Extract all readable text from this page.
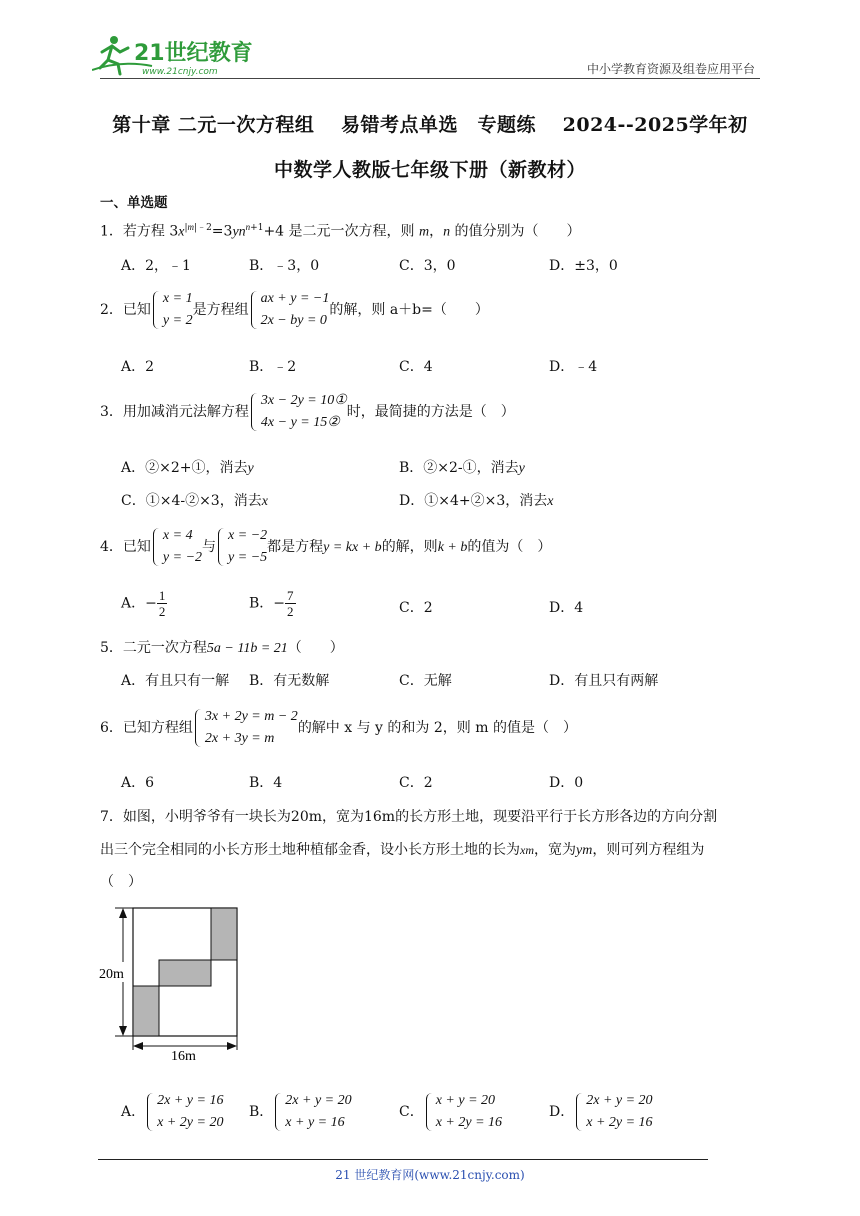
21世纪教育
www.21cnjy.com	中小学教育资源及组卷应用平台
第十章 二元一次方程组　 易错考点单选　专题练　 2024--2025学年初
中数学人教版七年级下册（新教材）
一、单选题
1．若方程 $3x^{|m|﹣2}=3yn^{n+1}+4$ 是二元一次方程，则 m，n 的值分别为（　　）
A．2，﹣1	B．﹣3，0	C．3，0	D．±3，0
2．已知
x = 1
y = 2
是方程组
ax + y = −1
2x − by = 0
的解，则 a＋b=（　　）
A．2	B．﹣2	C．4	D．﹣4
3．用加减消元法解方程
3x − 2y = 10①
4x − y = 15②
时，最简捷的方法是（　）
A．②×2+①，消去y	B．②×2-①，消去y
C．①×4-②×3，消去x	D．①×4+②×3，消去x
4．已知
x = 4
y = −2
与
x = −2
y = −5
都是方程y = kx + b的解，则k + b的值为（　）
A．− $\frac{1}{2}$	B．− $\frac{7}{2}$	C．2	D．4
5．二元一次方程5a − 11b = 21（　　）
A．有且只有一解 B．有无数解	C．无解	D．有且只有两解
6．已知方程组
3x + 2y = m − 2
2x + 3y = m
的解中 x 与 y 的和为 2，则 m 的值是（　）
A．6	B．4	C．2	D．0
7．如图，小明爷爷有一块长为20m，宽为16m的长方形土地，现要沿平行于长方形各边的方向分割
出三个完全相同的小长方形土地种植郁金香，设小长方形土地的长为xm，宽为ym，则可列方程组为
（　）
20m
16m
A．
2x + y = 16
x + 2y = 20
B．
2x + y = 20
x + y = 16
C．
x + y = 20
x + 2y = 16
D．
2x + y = 20
x + 2y = 16
21 世纪教育网(www.21cnjy.com)
